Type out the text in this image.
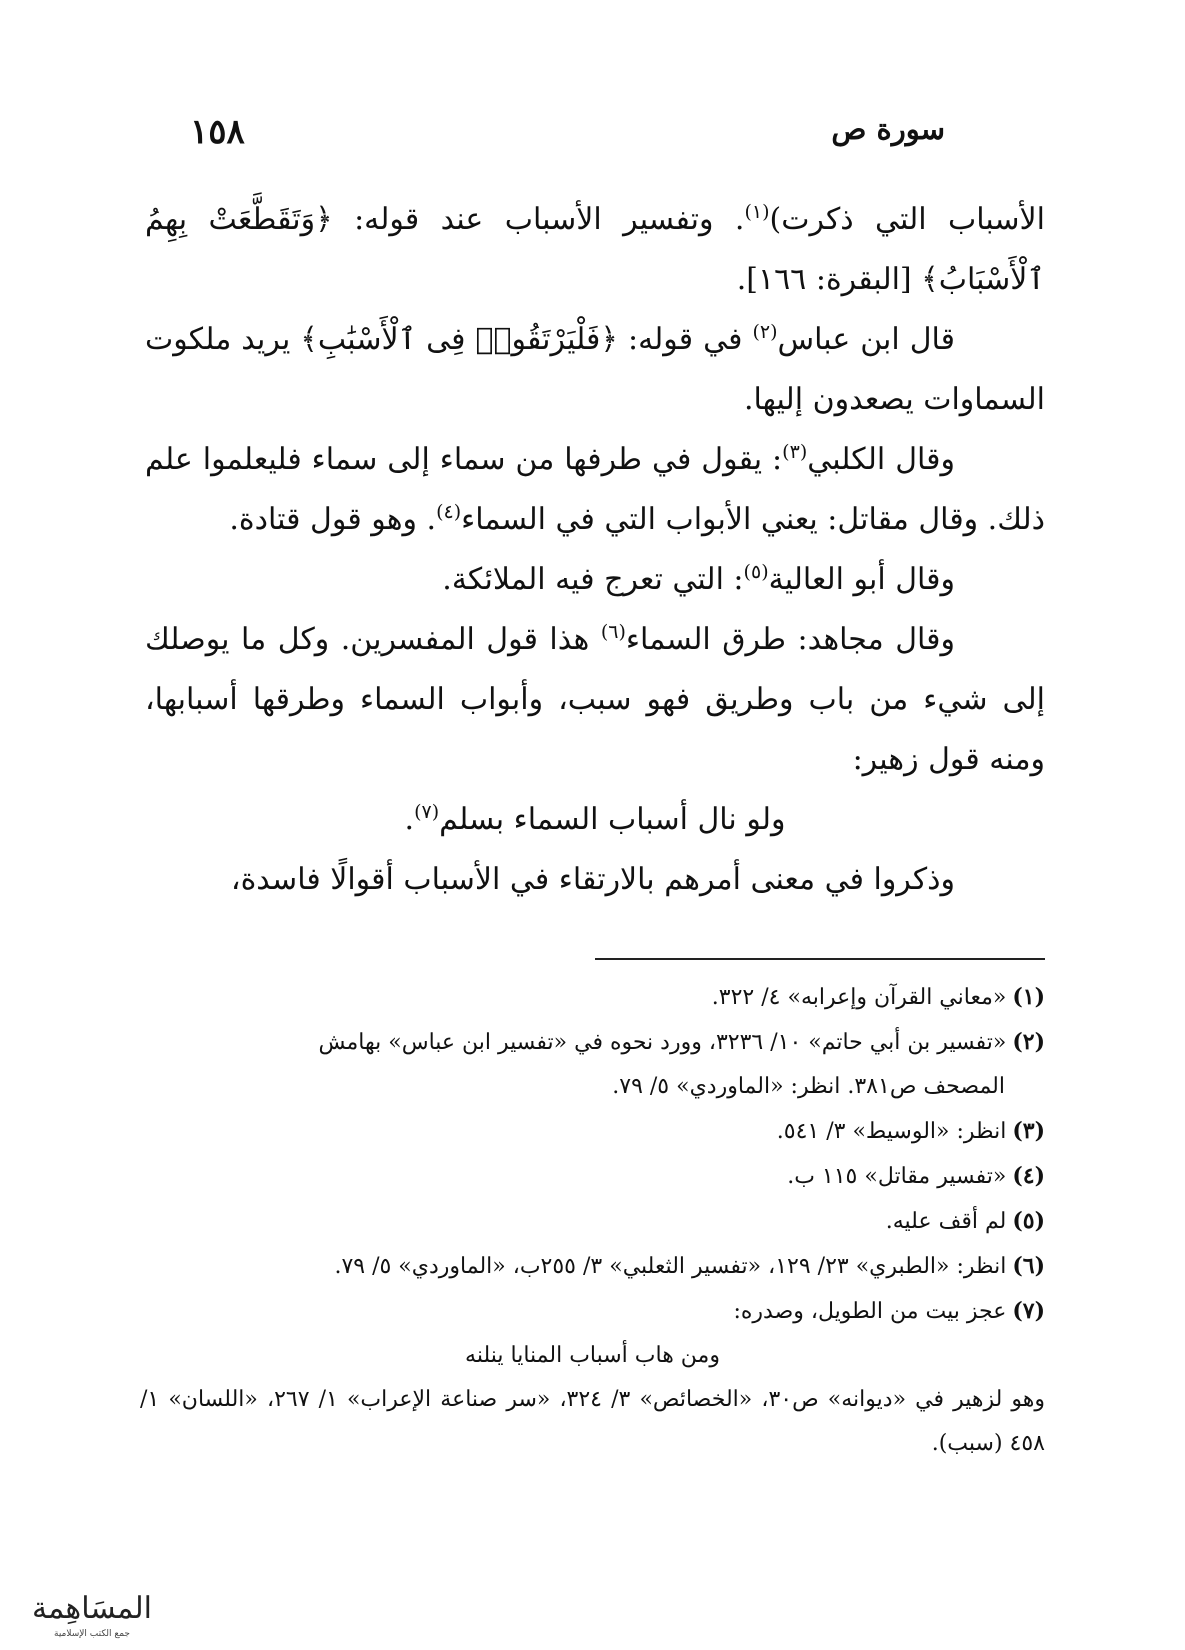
سورة ص
١٥٨

الأسباب التي ذكرت)$^{(١)}$. وتفسير الأسباب عند قوله: ﴿وَتَقَطَّعَتْ بِهِمُ ٱلْأَسْبَابُ﴾ [البقرة: ١٦٦].

قال ابن عباس$^{(٢)}$ في قوله: ﴿فَلْيَرْتَقُوا۟ فِى ٱلْأَسْبَٰبِ﴾ يريد ملكوت السماوات يصعدون إليها.

وقال الكلبي$^{(٣)}$: يقول في طرفها من سماء إلى سماء فليعلموا علم ذلك. وقال مقاتل: يعني الأبواب التي في السماء$^{(٤)}$. وهو قول قتادة.

وقال أبو العالية$^{(٥)}$: التي تعرج فيه الملائكة.

وقال مجاهد: طرق السماء$^{(٦)}$ هذا قول المفسرين. وكل ما يوصلك إلى شيء من باب وطريق فهو سبب، وأبواب السماء وطرقها أسبابها، ومنه قول زهير:

ولو نال أسباب السماء بسلم$^{(٧)}$.

وذكروا في معنى أمرهم بالارتقاء في الأسباب أقوالًا فاسدة،

(١)«معاني القرآن وإعرابه» ٤/ ٣٢٢.

(٢)«تفسير بن أبي حاتم» ١٠/ ٣٢٣٦، وورد نحوه في «تفسير ابن عباس» بهامش

المصحف ص٣٨١. انظر: «الماوردي» ٥/ ٧٩.

(٣)انظر: «الوسيط» ٣/ ٥٤١.

(٤)«تفسير مقاتل» ١١٥ ب.

(٥)لم أقف عليه.

(٦)انظر: «الطبري» ٢٣/ ١٢٩، «تفسير الثعلبي» ٣/ ٢٥٥ب، «الماوردي» ٥/ ٧٩.

(٧)عجز بيت من الطويل، وصدره:

ومن هاب أسباب المنايا ينلنه

وهو لزهير في «ديوانه» ص٣٠، «الخصائص» ٣/ ٣٢٤، «سر صناعة الإعراب» ١/ ٢٦٧، «اللسان» ١/ ٤٥٨ (سبب).

المسَاهِمة
جمع الكتب الإسلامية
